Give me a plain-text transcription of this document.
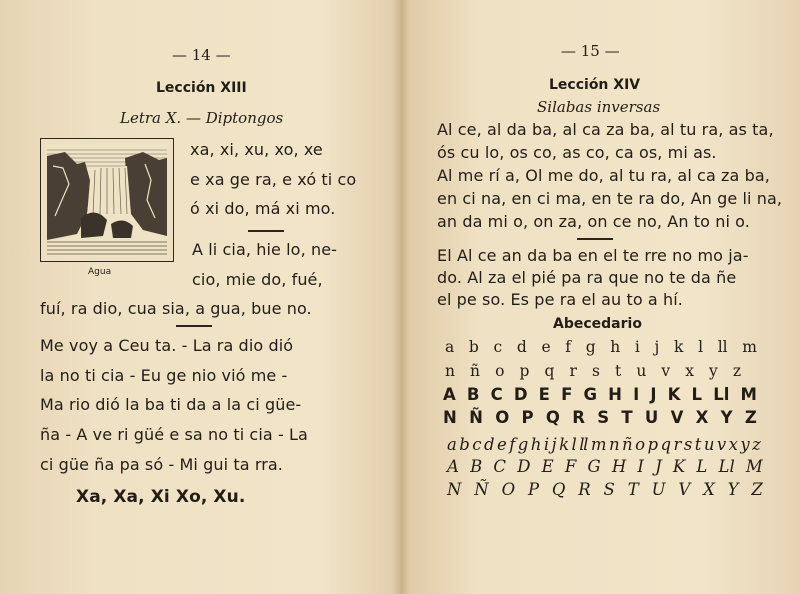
— 14 —
Lección XIII
Letra X. — Diptongos
Agua
xa, xi, xu, xo, xe
e xa ge ra, e xó ti co
ó xi do, má xi mo.
A li cia, hie lo, ne-
cio, mie do, fué,
fuí, ra dio, cua sia, a gua, bue no.
Me voy a Ceu ta. - La ra dio dió
la no ti cia - Eu ge nio vió me -
Ma rio dió la ba ti da a la ci güe-
ña - A ve ri güé e sa no ti cia - La
ci güe ña pa só - Mi gui ta rra.
Xa, Xa, Xi Xo, Xu.
— 15 —
Lección XIV
Silabas inversas
Al ce, al da ba, al ca za ba, al tu ra, as ta,
ós cu lo, os co, as co, ca os, mi as.
Al me rí a, Ol me do, al tu ra, al ca za ba,
en ci na, en ci ma, en te ra do, An ge li na,
an da mi o, on za, on ce no, An to ni o.
El Al ce an da ba en el te rre no mo ja-
do. Al za el pié pa ra que no te da ñe
el pe so. Es pe ra el au to a hí.
Abecedario
a b c d e f g h i j k l ll m
n ñ o p q r s t u v x y z
A B C D E F G H I J K L Ll M
N Ñ O P Q R S T U V X Y Z
a b c d e f g h i j k l ll m n ñ o p q r s t u v x y z
A B C D E F G H I J K L Ll M
N Ñ O P Q R S T U V X Y Z
